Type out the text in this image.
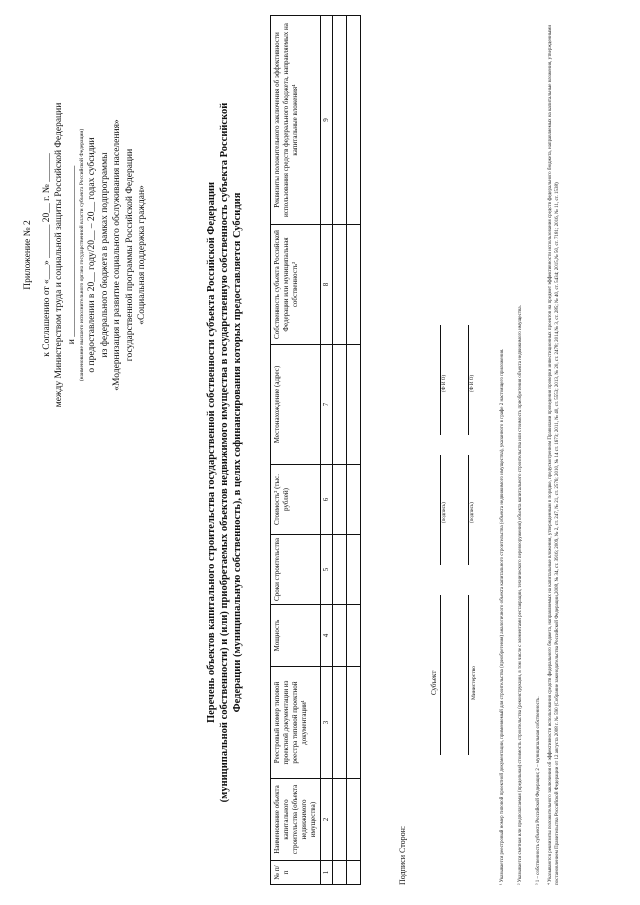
Приложение № 2 к Соглашению от «___» _______ 20__ г. № ______ между Министерством труда и социальной защиты Российской Федерации и ____________________________________ (наименование высшего исполнительного органа государственной власти субъекта Российской Федерации) о предоставлении в 20__ году/20__ – 20__ годах субсидии из федерального бюджета в рамках подпрограммы «Модернизация и развитие социального обслуживания населения» государственной программы Российской Федерации «Социальная поддержка граждан»	Перечень объектов капитального строительства государственной собственности субъекта Российской Федерации (муниципальной собственности) и (или) приобретаемых объектов недвижимого имущества в государственную собственность субъекта Российской Федерации (муниципальную собственность), в целях софинансирования которых предоставляется Субсидия
№ п/п	Наименование объекта капитального строительства (объекта недвижимого имущества)	Реестровый номер типовой проектной документации из реестра типовой проектной документации¹	Мощность	Сроки строительства	Стоимость² (тыс. рублей)	Местонахождение (адрес)	Собственность субъекта Российской Федерации или муниципальная собственность³	Реквизиты положительного заключения об эффективности использования средств федерального бюджета, направляемых на капитальные вложения⁴
1	2	3	4	5	6	7	8	9

Подписи Сторон:
Субъект
(подпись)
(Ф И О)
Министерство
(подпись)
(Ф И О)	¹ Указывается реестровый номер типовой проектной документации, применяемый для строительства (приобретения) аналогичного объекта капитального строительства (объекта недвижимого имущества), указанного в графе 2 настоящего приложения.	² Указывается сметная или предполагаемая (предельная) стоимость строительства (реконструкции, в том числе с элементами реставрации, технического перевооружения) объекта капитального строительства или стоимость приобретения объекта недвижимого имущества.	³ 1 – собственность субъекта Российской Федерации; 2 – муниципальная собственность.	⁴ Указываются реквизиты положительного заключения об эффективности использования средств федерального бюджета, направляемых на капитальные вложения, утвержденным в порядке, предусмотренном Правилами проведения проверки инвестиционных проектов на предмет эффективности использования средств федерального бюджета, направляемых на капитальные вложения, утвержденными постановлением Правительства Российской Федерации от 12 августа 2008 г. № 590 (Собрание законодательства Российской Федерации,2008, № 34, ст. 3916; 2009, № 2, ст. 247, № 21, ст. 2576; 2010, № 14 ст. 1673; 2011, № 40, ст. 5553; 2013, № 20, ст. 2478; 2014,№ 3, ст. 285; № 40, ст. 5434; 2015,№ 50, ст. 7181; 2016, № 11, ст. 1538)
